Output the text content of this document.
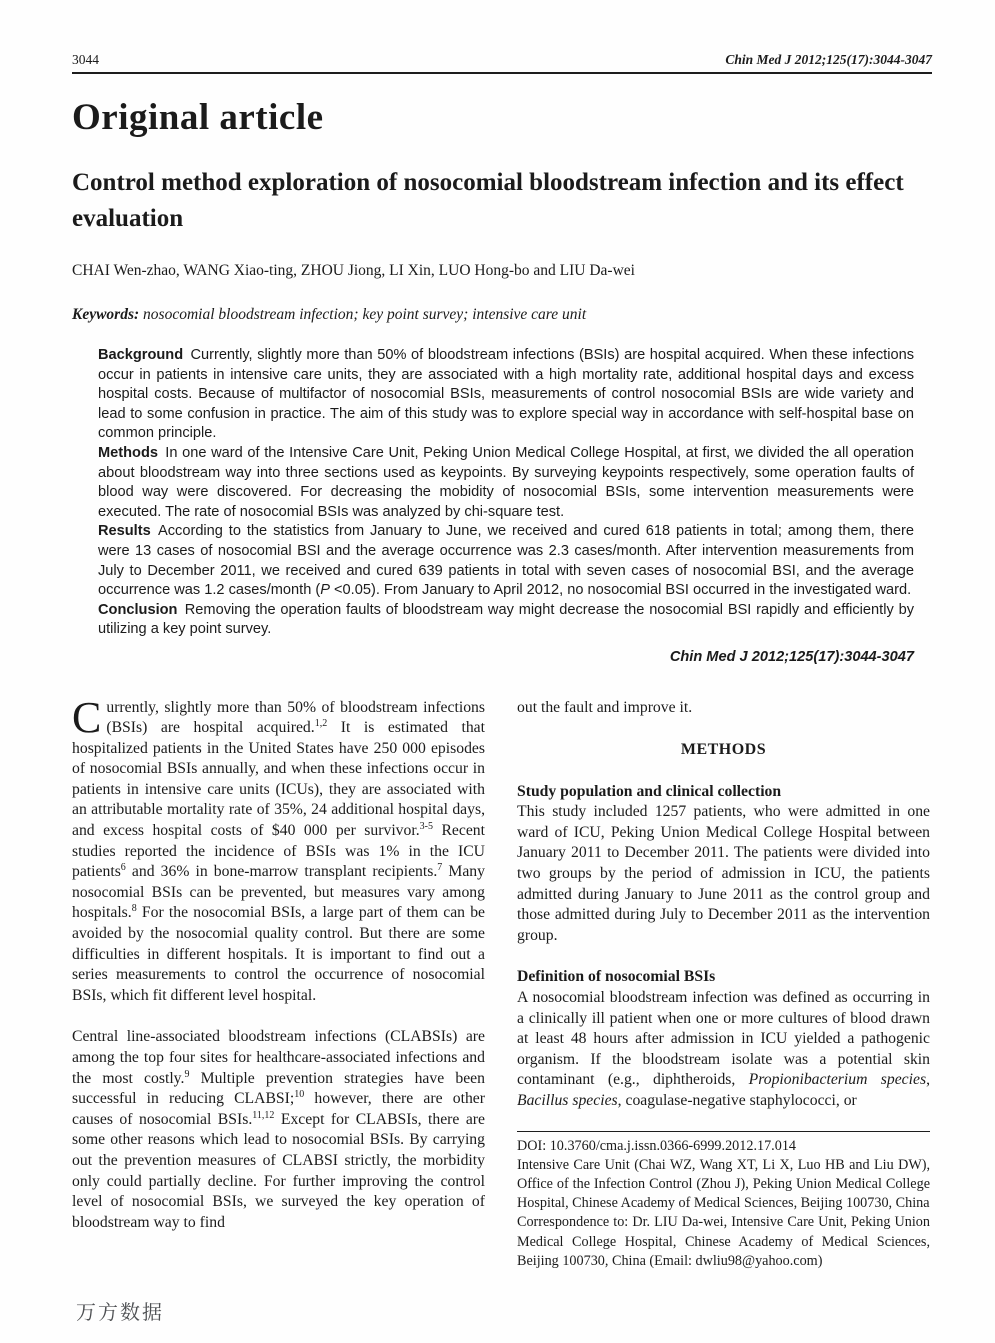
3044	Chin Med J 2012;125(17):3044-3047
Original article
Control method exploration of nosocomial bloodstream infection and its effect evaluation
CHAI Wen-zhao, WANG Xiao-ting, ZHOU Jiong, LI Xin, LUO Hong-bo and LIU Da-wei
Keywords: nosocomial bloodstream infection; key point survey; intensive care unit

Background Currently, slightly more than 50% of bloodstream infections (BSIs) are hospital acquired. When these infections occur in patients in intensive care units, they are associated with a high mortality rate, additional hospital days and excess hospital costs. Because of multifactor of nosocomial BSIs, measurements of control nosocomial BSIs are wide variety and lead to some confusion in practice. The aim of this study was to explore special way in accordance with self-hospital base on common principle.

Methods In one ward of the Intensive Care Unit, Peking Union Medical College Hospital, at first, we divided the all operation about bloodstream way into three sections used as keypoints. By surveying keypoints respectively, some operation faults of blood way were discovered. For decreasing the mobidity of nosocomial BSIs, some intervention measurements were executed. The rate of nosocomial BSIs was analyzed by chi-square test.

Results According to the statistics from January to June, we received and cured 618 patients in total; among them, there were 13 cases of nosocomial BSI and the average occurrence was 2.3 cases/month. After intervention measurements from July to December 2011, we received and cured 639 patients in total with seven cases of nosocomial BSI, and the average occurrence was 1.2 cases/month (P <0.05). From January to April 2012, no nosocomial BSI occurred in the investigated ward.

Conclusion Removing the operation faults of bloodstream way might decrease the nosocomial BSI rapidly and efficiently by utilizing a key point survey.

Chin Med J 2012;125(17):3044-3047

Currently, slightly more than 50% of bloodstream infections (BSIs) are hospital acquired.$^{1,2}$ It is estimated that hospitalized patients in the United States have 250 000 episodes of nosocomial BSIs annually, and when these infections occur in patients in intensive care units (ICUs), they are associated with an attributable mortality rate of 35%, 24 additional hospital days, and excess hospital costs of $40 000 per survivor.$^{3-5}$ Recent studies reported the incidence of BSIs was 1% in the ICU patients$^6$ and 36% in bone-marrow transplant recipients.$^7$ Many nosocomial BSIs can be prevented, but measures vary among hospitals.$^8$ For the nosocomial BSIs, a large part of them can be avoided by the nosocomial quality control. But there are some difficulties in different hospitals. It is important to find out a series measurements to control the occurrence of nosocomial BSIs, which fit different level hospital.

Central line-associated bloodstream infections (CLABSIs) are among the top four sites for healthcare-associated infections and the most costly.$^9$ Multiple prevention strategies have been successful in reducing CLABSI;$^{10}$ however, there are other causes of nosocomial BSIs.$^{11,12}$ Except for CLABSIs, there are some other reasons which lead to nosocomial BSIs. By carrying out the prevention measures of CLABSI strictly, the morbidity only could partially decline. For further improving the control level of nosocomial BSIs, we surveyed the key operation of bloodstream way to find

out the fault and improve it.

METHODS

Study population and clinical collection

This study included 1257 patients, who were admitted in one ward of ICU, Peking Union Medical College Hospital between January 2011 to December 2011. The patients were divided into two groups by the period of admission in ICU, the patients admitted during January to June 2011 as the control group and those admitted during July to December 2011 as the intervention group.

Definition of nosocomial BSIs

A nosocomial bloodstream infection was defined as occurring in a clinically ill patient when one or more cultures of blood drawn at least 48 hours after admission in ICU yielded a pathogenic organism. If the bloodstream isolate was a potential skin contaminant (e.g., diphtheroids, Propionibacterium species, Bacillus species, coagulase-negative staphylococci, or

DOI: 10.3760/cma.j.issn.0366-6999.2012.17.014

Intensive Care Unit (Chai WZ, Wang XT, Li X, Luo HB and Liu DW), Office of the Infection Control (Zhou J), Peking Union Medical College Hospital, Chinese Academy of Medical Sciences, Beijing 100730, China

Correspondence to: Dr. LIU Da-wei, Intensive Care Unit, Peking Union Medical College Hospital, Chinese Academy of Medical Sciences, Beijing 100730, China (Email: dwliu98@yahoo.com)

万方数据
